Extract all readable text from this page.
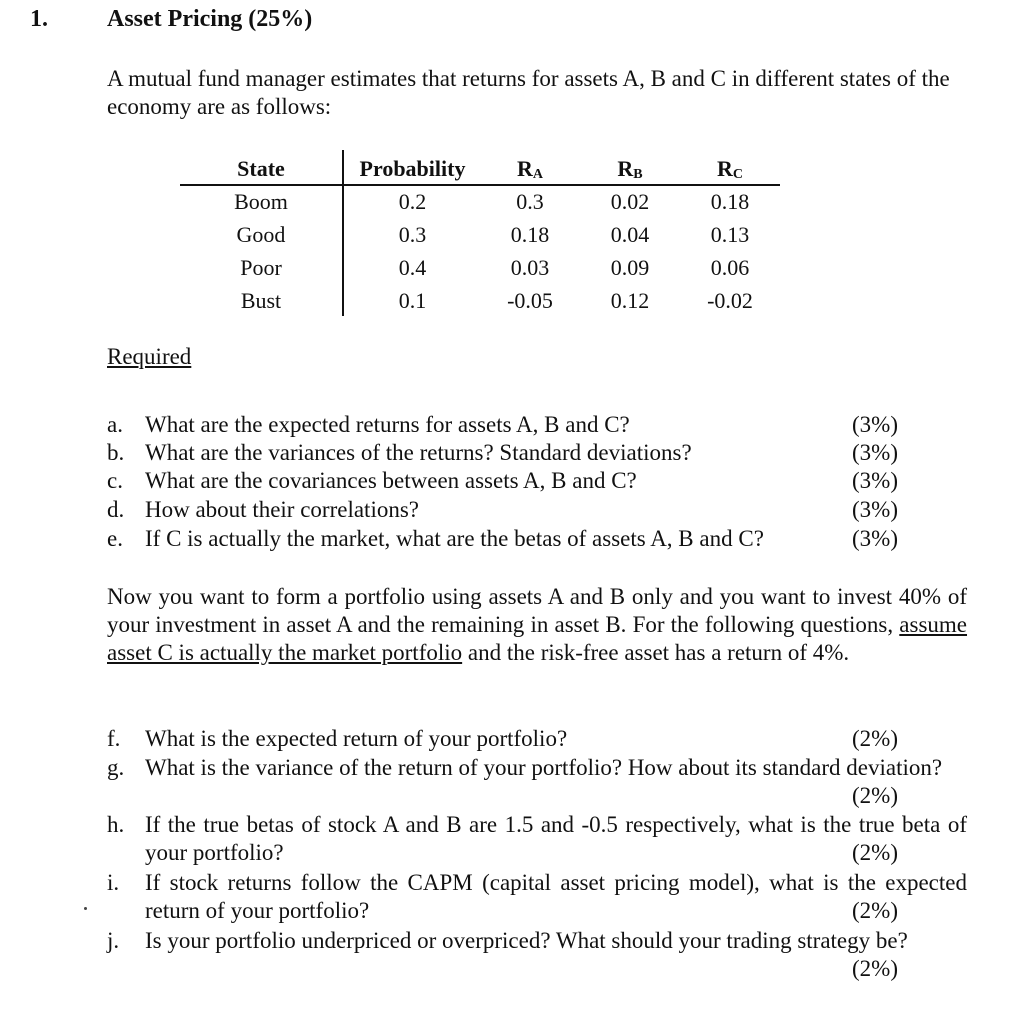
1. Asset Pricing (25%)

A mutual fund manager estimates that returns for assets A, B and C in different states of the economy are as follows:

State	Probability	RA	RB	RC
Boom	0.2	0.3	0.02	0.18
Good	0.3	0.18	0.04	0.13
Poor	0.4	0.03	0.09	0.06
Bust	0.1	-0.05	0.12	-0.02
Required
a. What are the expected returns for assets A, B and C?	(3%)
b. What are the variances of the returns? Standard deviations?	(3%)
c. What are the covariances between assets A, B and C?	(3%)
d. How about their correlations?	(3%)
e. If C is actually the market, what are the betas of assets A, B and C?	(3%)

Now you want to form a portfolio using assets A and B only and you want to invest 40% of your investment in asset A and the remaining in asset B. For the following questions, assume asset C is actually the market portfolio and the risk-free asset has a return of 4%.

f. What is the expected return of your portfolio?	(2%)
g. What is the variance of the return of your portfolio? How about its standard deviation?
(2%)
h. If the true betas of stock A and B are 1.5 and -0.5 respectively, what is the true beta of your portfolio?	(2%)
i. If stock returns follow the CAPM (capital asset pricing model), what is the expected return of your portfolio?	(2%)
j. Is your portfolio underpriced or overpriced? What should your trading strategy be?
(2%)
